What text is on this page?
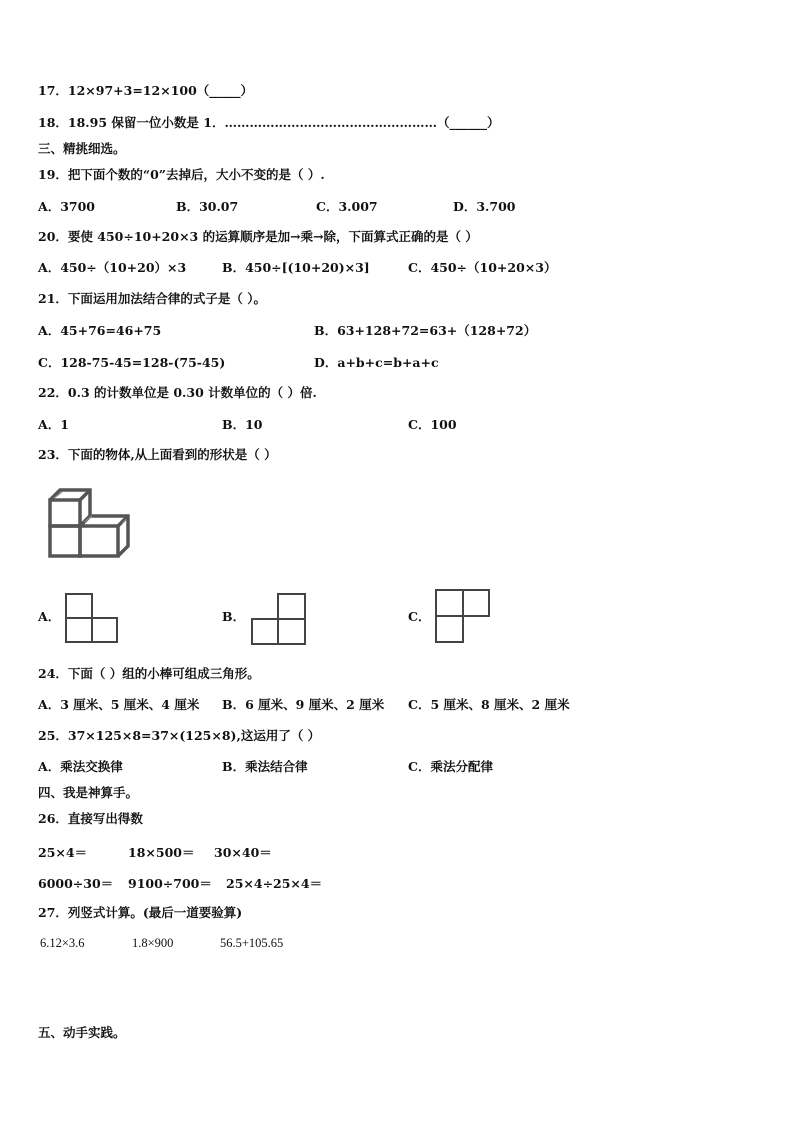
17．12×97+3=12×100（_____）
18．18.95 保留一位小数是 1．……………………………………………（______）
三、精挑细选。
19．把下面个数的“0”去掉后，大小不变的是（ ）.
A．3700	B．30.07	C．3.007	D．3.700
20．要使 450÷10+20×3 的运算顺序是加→乘→除，下面算式正确的是（ ）
A．450÷（10+20）×3	B．450÷[(10+20)×3]	C．450÷（10+20×3）
21．下面运用加法结合律的式子是（ ）。
A．45+76=46+75	B．63+128+72=63+（128+72）
C．128-75-45=128-(75-45)	D．a+b+c=b+a+c
22．0.3 的计数单位是 0.30 计数单位的（ ）倍.
A．1	B．10	C．100
23．下面的物体,从上面看到的形状是（ ）
A．	B．	C．
24．下面（ ）组的小棒可组成三角形。
A．3 厘米、5 厘米、4 厘米 B．6 厘米、9 厘米、2 厘米 C．5 厘米、8 厘米、2 厘米
25．37×125×8=37×(125×8),这运用了（ ）
A．乘法交换律	B．乘法结合律	C．乘法分配律
四、我是神算手。
26．直接写出得数
25×4＝	18×500＝ 30×40＝
6000÷30＝ 9100÷700＝ 25×4÷25×4＝
27．列竖式计算。(最后一道要验算)
6.12×3.6	1.8×900	56.5+105.65
五、动手实践。
